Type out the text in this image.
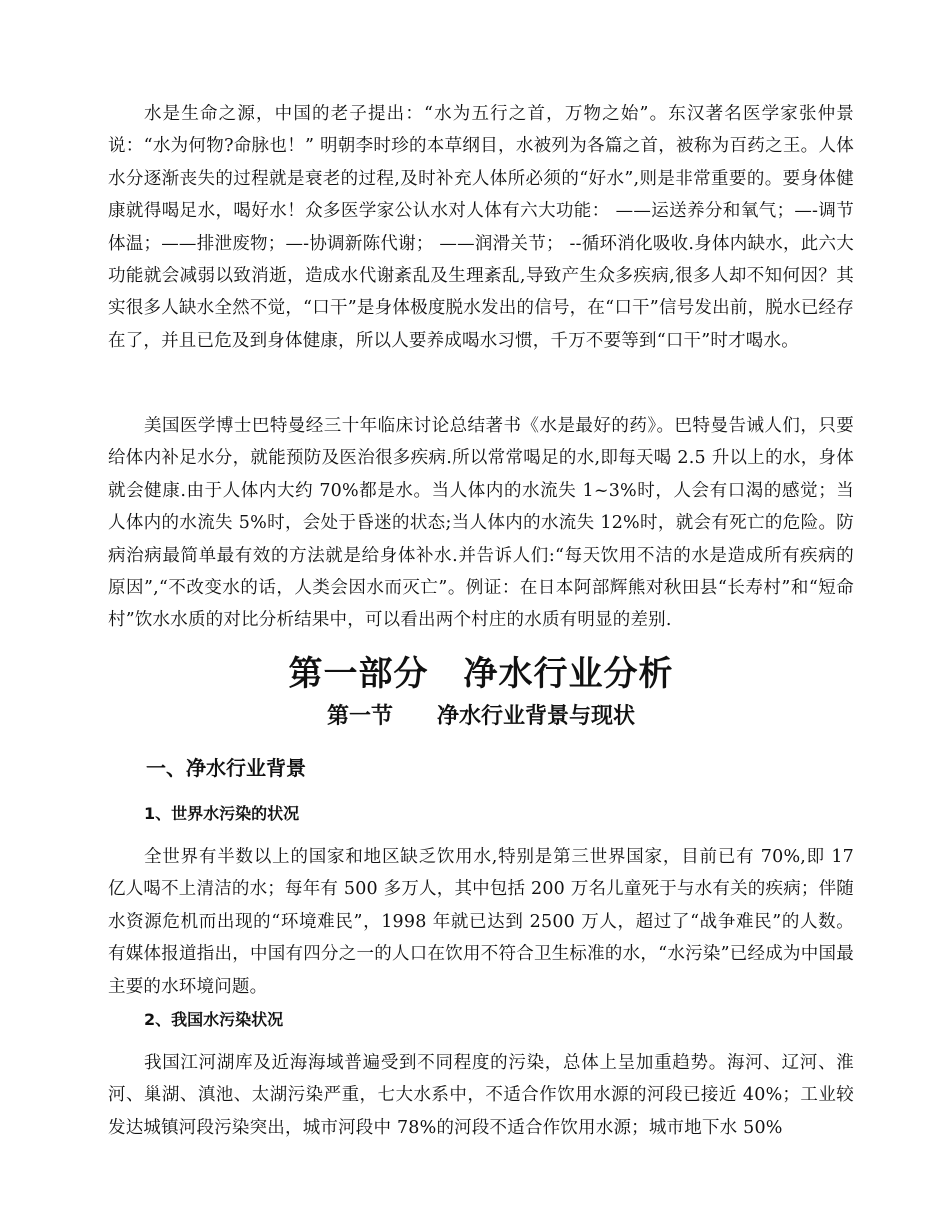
水是生命之源，中国的老子提出：“水为五行之首，万物之始”。东汉著名医学家张仲景说：“水为何物?命脉也！” 明朝李时珍的本草纲目，水被列为各篇之首，被称为百药之王。人体水分逐渐丧失的过程就是衰老的过程,及时补充人体所必须的“好水”,则是非常重要的。要身体健康就得喝足水，喝好水！众多医学家公认水对人体有六大功能： ——运送养分和氧气；—-调节体温；——排泄废物；—-协调新陈代谢； ——润滑关节； --循环消化吸收.身体内缺水，此六大功能就会减弱以致消逝，造成水代谢紊乱及生理紊乱,导致产生众多疾病,很多人却不知何因？其实很多人缺水全然不觉，“口干”是身体极度脱水发出的信号，在“口干”信号发出前，脱水已经存在了，并且已危及到身体健康，所以人要养成喝水习惯，千万不要等到“口干”时才喝水。

美国医学博士巴特曼经三十年临床讨论总结著书《水是最好的药》。巴特曼告诫人们，只要给体内补足水分，就能预防及医治很多疾病.所以常常喝足的水,即每天喝 2.5 升以上的水，身体就会健康.由于人体内大约 70%都是水。当人体内的水流失 1~3%时，人会有口渴的感觉；当人体内的水流失 5%时，会处于昏迷的状态;当人体内的水流失 12%时，就会有死亡的危险。防病治病最简单最有效的方法就是给身体补水.并告诉人们:“每天饮用不洁的水是造成所有疾病的原因”,“不改变水的话，人类会因水而灭亡”。例证：在日本阿部辉熊对秋田县“长寿村”和“短命村”饮水水质的对比分析结果中，可以看出两个村庄的水质有明显的差别.

第一部分　净水行业分析
第一节　　净水行业背景与现状
一、净水行业背景
1、世界水污染的状况

全世界有半数以上的国家和地区缺乏饮用水,特别是第三世界国家，目前已有 70%,即 17 亿人喝不上清洁的水；每年有 500 多万人，其中包括 200 万名儿童死于与水有关的疾病；伴随水资源危机而出现的“环境难民”，1998 年就已达到 2500 万人，超过了“战争难民”的人数。有媒体报道指出，中国有四分之一的人口在饮用不符合卫生标准的水，“水污染”已经成为中国最主要的水环境问题。

2、我国水污染状况

我国江河湖库及近海海域普遍受到不同程度的污染，总体上呈加重趋势。海河、辽河、淮河、巢湖、滇池、太湖污染严重，七大水系中，不适合作饮用水源的河段已接近 40%；工业较发达城镇河段污染突出，城市河段中 78%的河段不适合作饮用水源；城市地下水 50%
